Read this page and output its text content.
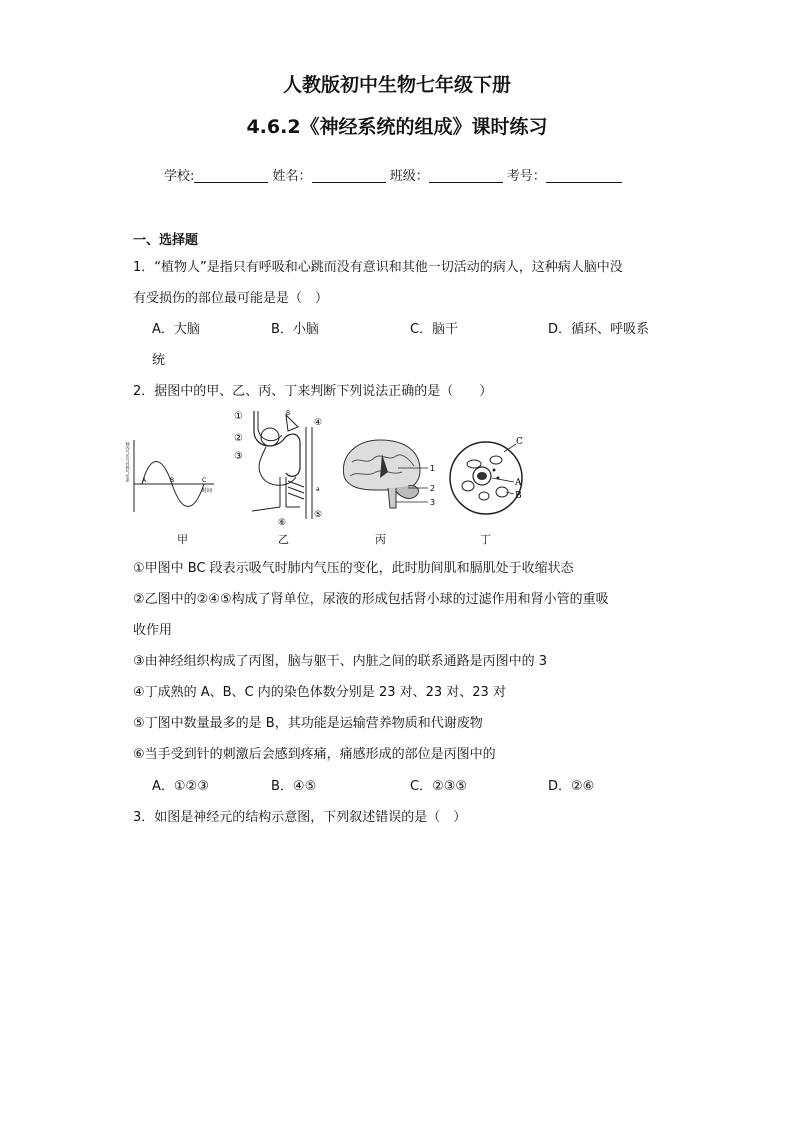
人教版初中生物七年级下册
4.6.2《神经系统的组成》课时练习
学校:	姓名：	班级：	考号：
一、选择题
1．“植物人”是指只有呼吸和心跳而没有意识和其他一切活动的病人，这种病人脑中没
有受损伤的部位最可能是是（　）
A．大脑	B．小脑	C．脑干	D．循环、呼吸系
统
2．据图中的甲、乙、丙、丁来判断下列说法正确的是（　　）
A	B	C
时间
肺内气压与外界气压差
①
②
③
④
⑤
⑥
B
a
1
2
3
C
A
B
甲	乙	丙	丁
①甲图中 BC 段表示吸气时肺内气压的变化，此时肋间肌和膈肌处于收缩状态
②乙图中的②④⑤构成了肾单位，尿液的形成包括肾小球的过滤作用和肾小管的重吸
收作用
③由神经组织构成了丙图，脑与躯干、内脏之间的联系通路是丙图中的 3
④丁成熟的 A、B、C 内的染色体数分别是 23 对、23 对、23 对
⑤丁图中数量最多的是 B，其功能是运输营养物质和代谢废物
⑥当手受到针的刺激后会感到疼痛，痛感形成的部位是丙图中的
A．①②③	B．④⑤	C．②③⑤	D．②⑥
3．如图是神经元的结构示意图，下列叙述错误的是（　）
